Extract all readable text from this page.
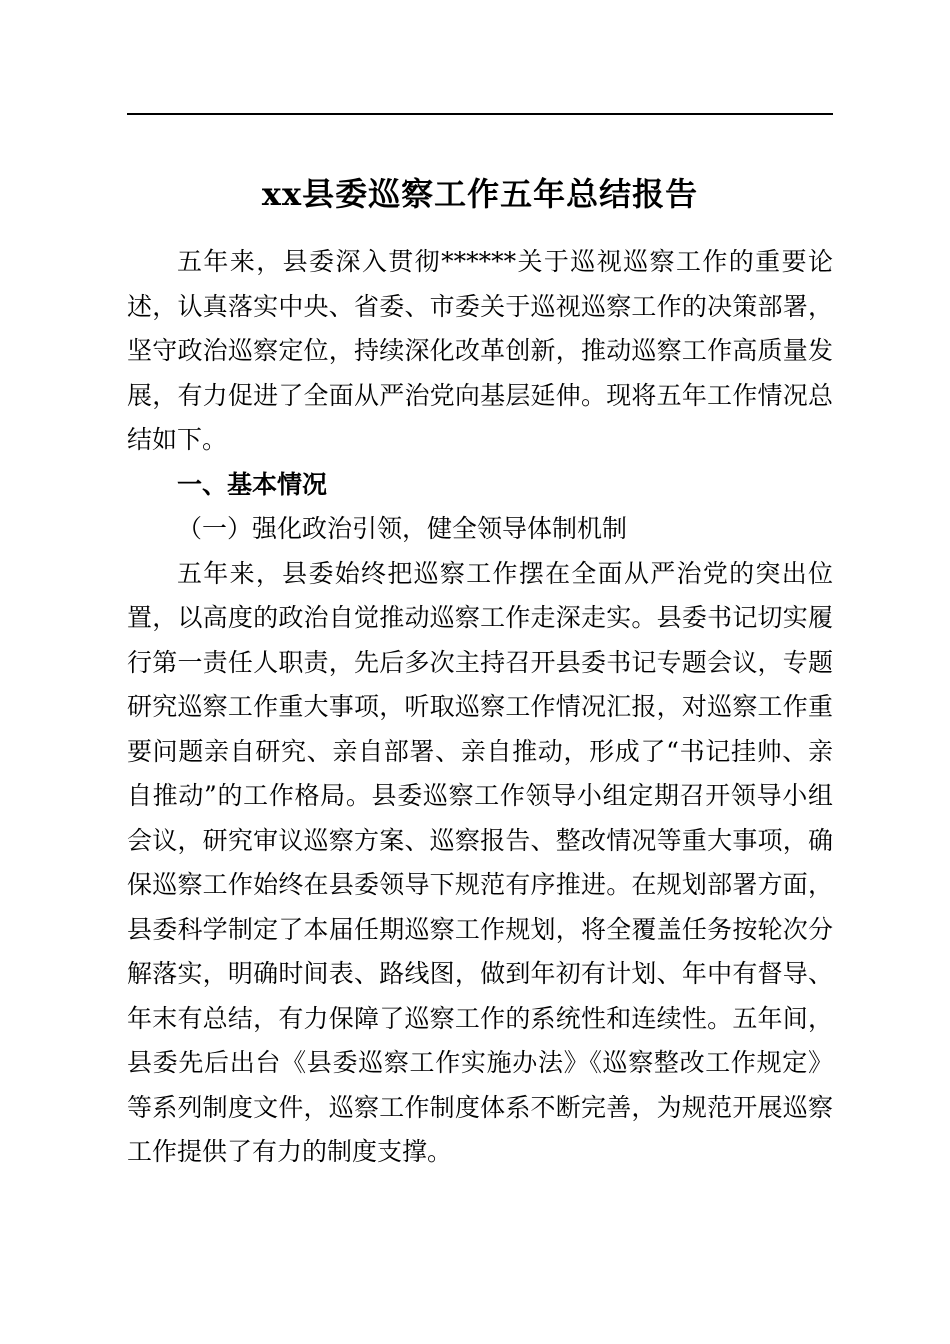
xx县委巡察工作五年总结报告

五年来，县委深入贯彻******关于巡视巡察工作的重要论述，认真落实中央、省委、市委关于巡视巡察工作的决策部署，坚守政治巡察定位，持续深化改革创新，推动巡察工作高质量发展，有力促进了全面从严治党向基层延伸。现将五年工作情况总结如下。

一、基本情况

（一）强化政治引领，健全领导体制机制

五年来，县委始终把巡察工作摆在全面从严治党的突出位置，以高度的政治自觉推动巡察工作走深走实。县委书记切实履行第一责任人职责，先后多次主持召开县委书记专题会议，专题研究巡察工作重大事项，听取巡察工作情况汇报，对巡察工作重要问题亲自研究、亲自部署、亲自推动，形成了“书记挂帅、亲自推动”的工作格局。县委巡察工作领导小组定期召开领导小组会议，研究审议巡察方案、巡察报告、整改情况等重大事项，确保巡察工作始终在县委领导下规范有序推进。在规划部署方面，县委科学制定了本届任期巡察工作规划，将全覆盖任务按轮次分解落实，明确时间表、路线图，做到年初有计划、年中有督导、年末有总结，有力保障了巡察工作的系统性和连续性。五年间，县委先后出台《县委巡察工作实施办法》《巡察整改工作规定》等系列制度文件，巡察工作制度体系不断完善，为规范开展巡察工作提供了有力的制度支撑。
